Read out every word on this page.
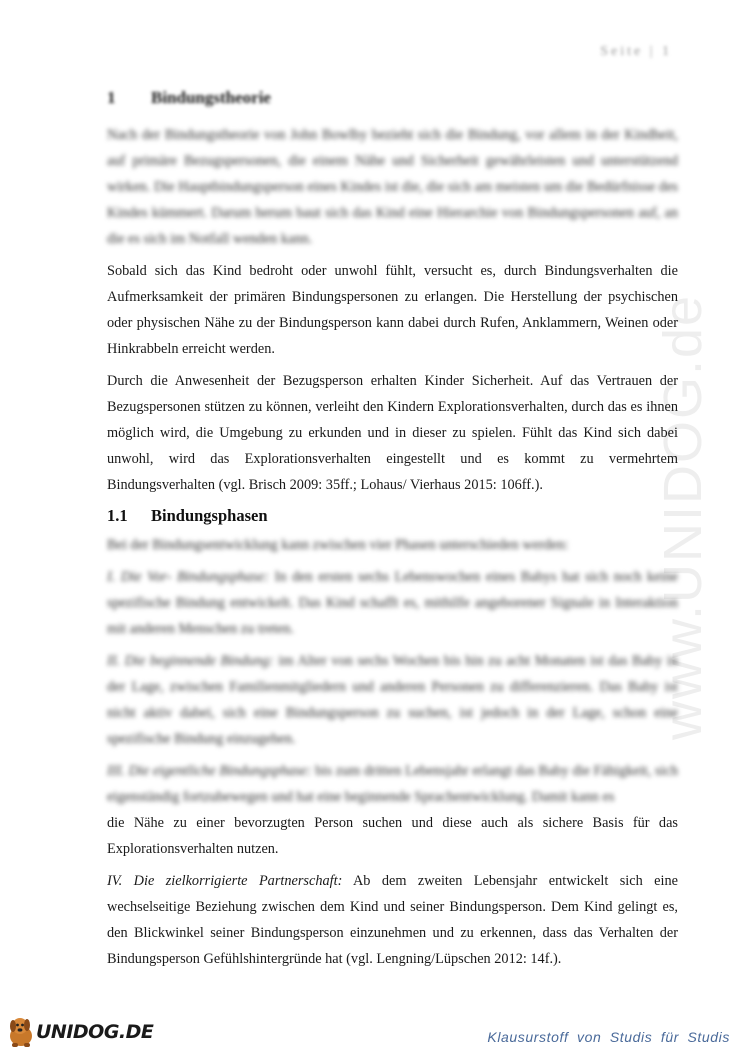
Seite | 1
www.UNIDOG.de
1	Bindungstheorie

Nach der Bindungstheorie von John Bowlby bezieht sich die Bindung, vor allem in der Kindheit, auf primäre Bezugspersonen, die einem Nähe und Sicherheit gewährleisten und unterstützend wirken. Die Hauptbindungsperson eines Kindes ist die, die sich am meisten um die Bedürfnisse des Kindes kümmert. Darum herum baut sich das Kind eine Hierarchie von Bindungspersonen auf, an die es sich im Notfall wenden kann.

Sobald sich das Kind bedroht oder unwohl fühlt, versucht es, durch Bindungsverhalten die Aufmerksamkeit der primären Bindungspersonen zu erlangen. Die Herstellung der psychischen oder physischen Nähe zu der Bindungsperson kann dabei durch Rufen, Anklammern, Weinen oder Hinkrabbeln erreicht werden.

Durch die Anwesenheit der Bezugsperson erhalten Kinder Sicherheit. Auf das Vertrauen der Bezugspersonen stützen zu können, verleiht den Kindern Explorationsverhalten, durch das es ihnen möglich wird, die Umgebung zu erkunden und in dieser zu spielen. Fühlt das Kind sich dabei unwohl, wird das Explorationsverhalten eingestellt und es kommt zu vermehrtem Bindungsverhalten (vgl. Brisch 2009: 35ff.; Lohaus/ Vierhaus 2015: 106ff.).

1.1	Bindungsphasen

Bei der Bindungsentwicklung kann zwischen vier Phasen unterschieden werden:

I. Die Vor- Bindungsphase: In den ersten sechs Lebenswochen eines Babys hat sich noch keine spezifische Bindung entwickelt. Das Kind schafft es, mithilfe angeborener Signale in Interaktion mit anderen Menschen zu treten.

II. Die beginnende Bindung: im Alter von sechs Wochen bis hin zu acht Monaten ist das Baby in der Lage, zwischen Familienmitgliedern und anderen Personen zu differenzieren. Das Baby ist nicht aktiv dabei, sich eine Bindungsperson zu suchen, ist jedoch in der Lage, schon eine spezifische Bindung einzugehen.

III. Die eigentliche Bindungsphase: bis zum dritten Lebensjahr erlangt das Baby die Fähigkeit, sich eigenständig fortzubewegen und hat eine beginnende Sprachentwicklung. Damit kann es

die Nähe zu einer bevorzugten Person suchen und diese auch als sichere Basis für das Explorationsverhalten nutzen.

IV. Die zielkorrigierte Partnerschaft: Ab dem zweiten Lebensjahr entwickelt sich eine wechselseitige Beziehung zwischen dem Kind und seiner Bindungsperson. Dem Kind gelingt es, den Blickwinkel seiner Bindungsperson einzunehmen und zu erkennen, dass das Verhalten der Bindungsperson Gefühlshintergründe hat (vgl. Lengning/Lüpschen 2012: 14f.).

UNIDOG.DE	Klausurstoff von Studis für Studis
